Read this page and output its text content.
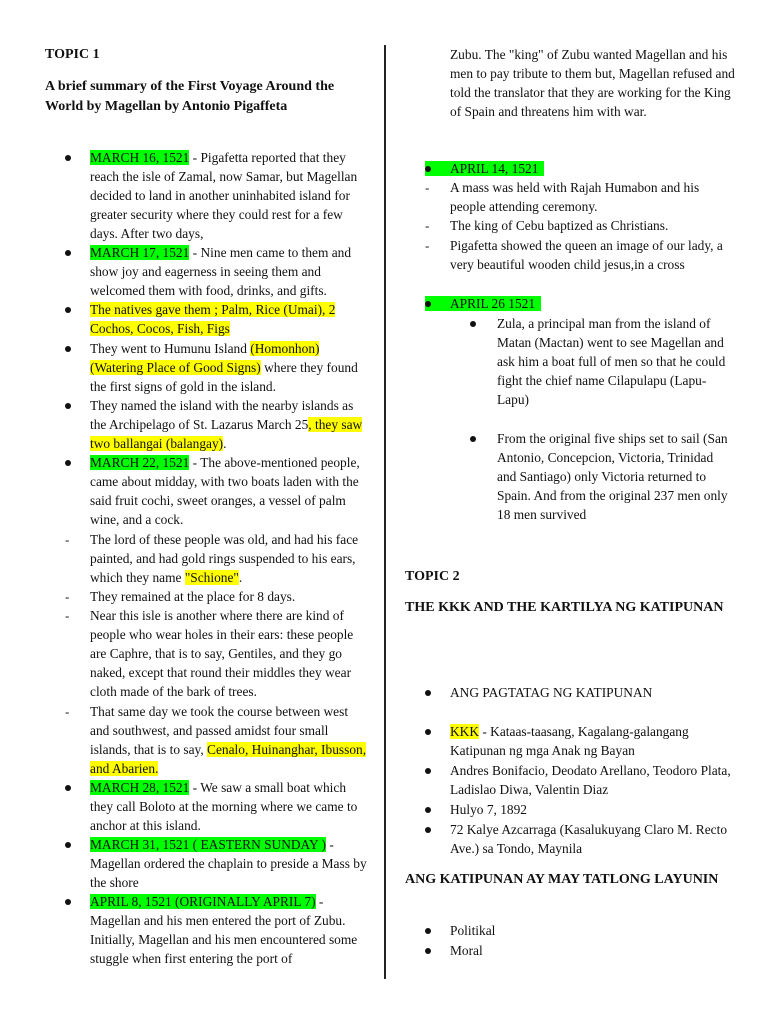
TOPIC 1
A brief summary of the First Voyage Around the World by Magellan by Antonio Pigaffeta
MARCH 16, 1521 - Pigafetta reported that they reach the isle of Zamal, now Samar, but Magellan decided to land in another uninhabited island for greater security where they could rest for a few days. After two days,
MARCH 17, 1521 - Nine men came to them and show joy and eagerness in seeing them and welcomed them with food, drinks, and gifts.
The natives gave them ; Palm, Rice (Umai), 2 Cochos, Cocos, Fish, Figs
They went to Humunu Island (Homonhon) (Watering Place of Good Signs) where they found the first signs of gold in the island.
They named the island with the nearby islands as the Archipelago of St. Lazarus March 25, they saw two ballangai (balangay).
MARCH 22, 1521 - The above-mentioned people, came about midday, with two boats laden with the said fruit cochi, sweet oranges, a vessel of palm wine, and a cock.
-
The lord of these people was old, and had his face painted, and had gold rings suspended to his ears, which they name "Schione".
-
They remained at the place for 8 days.
-
Near this isle is another where there are kind of people who wear holes in their ears: these people are Caphre, that is to say, Gentiles, and they go naked, except that round their middles they wear cloth made of the bark of trees.
-
That same day we took the course between west and southwest, and passed amidst four small islands, that is to say, Cenalo, Huinanghar, Ibusson, and Abarien.
MARCH 28, 1521 - We saw a small boat which they call Boloto at the morning where we came to anchor at this island.
MARCH 31, 1521 ( EASTERN SUNDAY ) - Magellan ordered the chaplain to preside a Mass by the shore
APRIL 8, 1521 (ORIGINALLY APRIL 7) - Magellan and his men entered the port of Zubu. Initially, Magellan and his men encountered some stuggle when first entering the port of
Zubu. The "king" of Zubu wanted Magellan and his men to pay tribute to them but, Magellan refused and told the translator that they are working for the King of Spain and threatens him with war.
APRIL 14, 1521
-
A mass was held with Rajah Humabon and his people attending ceremony.
-
The king of Cebu baptized as Christians.
-
Pigafetta showed the queen an image of our lady, a very beautiful wooden child jesus,in a cross
APRIL 26 1521
Zula, a principal man from the island of Matan (Mactan) went to see Magellan and ask him a boat full of men so that he could fight the chief name Cilapulapu (Lapu-Lapu)
From the original five ships set to sail (San Antonio, Concepcion, Victoria, Trinidad and Santiago) only Victoria returned to Spain. And from the original 237 men only 18 men survived
TOPIC 2
THE KKK AND THE KARTILYA NG KATIPUNAN
ANG PAGTATAG NG KATIPUNAN
KKK - Kataas-taasang, Kagalang-galangang Katipunan ng mga Anak ng Bayan
Andres Bonifacio, Deodato Arellano, Teodoro Plata, Ladislao Diwa, Valentin Diaz
Hulyo 7, 1892
72 Kalye Azcarraga (Kasalukuyang Claro M. Recto Ave.) sa Tondo, Maynila
ANG KATIPUNAN AY MAY TATLONG LAYUNIN
Politikal
Moral
